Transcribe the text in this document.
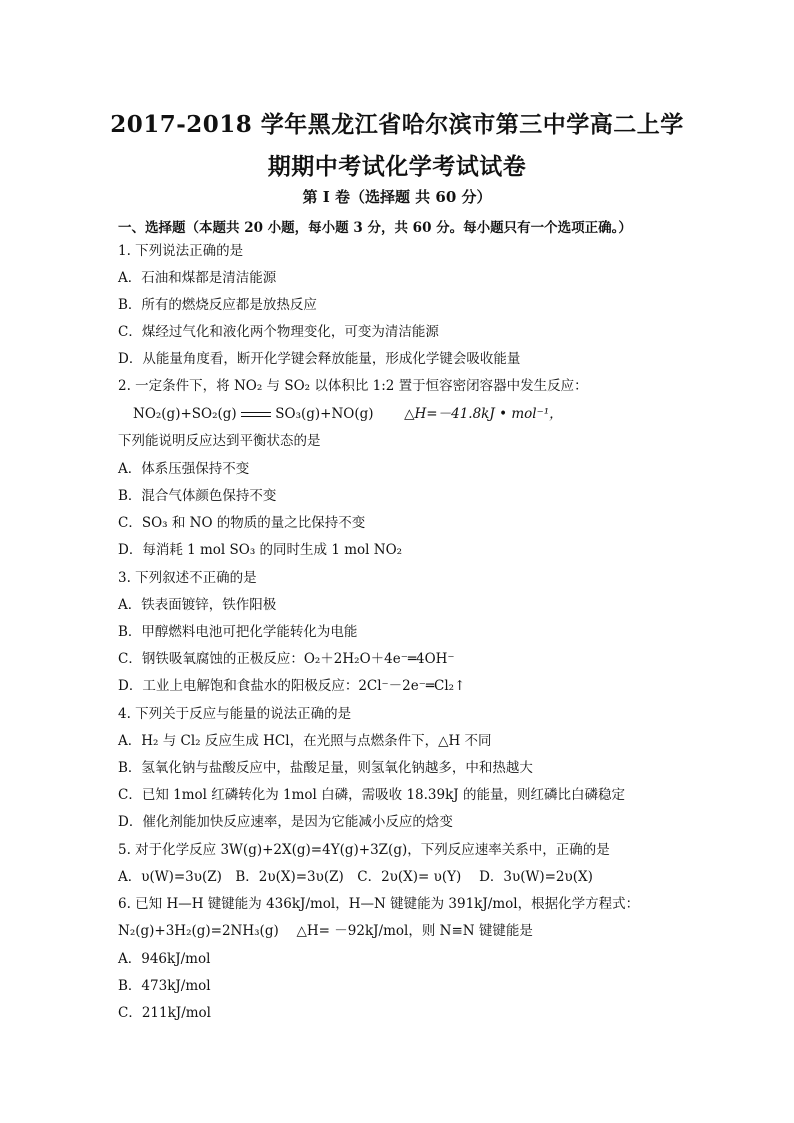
2017-2018 学年黑龙江省哈尔滨市第三中学高二上学
期期中考试化学考试试卷
第 I 卷（选择题 共 60 分）
一、选择题（本题共 20 小题，每小题 3 分，共 60 分。每小题只有一个选项正确。）
1. 下列说法正确的是
A．石油和煤都是清洁能源
B．所有的燃烧反应都是放热反应
C．煤经过气化和液化两个物理变化，可变为清洁能源
D．从能量角度看，断开化学键会释放能量，形成化学键会吸收能量
2. 一定条件下，将 NO₂ 与 SO₂ 以体积比 1:2 置于恒容密闭容器中发生反应：
NO₂(g)+SO₂(g)	SO₃(g)+NO(g) △H=－41.8kJ • mol⁻¹，
下列能说明反应达到平衡状态的是
A．体系压强保持不变
B．混合气体颜色保持不变
C．SO₃ 和 NO 的物质的量之比保持不变
D．每消耗 1 mol SO₃ 的同时生成 1 mol NO₂
3. 下列叙述不正确的是
A．铁表面镀锌，铁作阳极
B．甲醇燃料电池可把化学能转化为电能
C．钢铁吸氧腐蚀的正极反应：O₂＋2H₂O＋4e⁻═4OH⁻
D．工业上电解饱和食盐水的阳极反应：2Cl⁻－2e⁻═Cl₂↑
4. 下列关于反应与能量的说法正确的是
A．H₂ 与 Cl₂ 反应生成 HCl，在光照与点燃条件下，△H 不同
B．氢氧化钠与盐酸反应中，盐酸足量，则氢氧化钠越多，中和热越大
C．已知 1mol 红磷转化为 1mol 白磷，需吸收 18.39kJ 的能量，则红磷比白磷稳定
D．催化剂能加快反应速率，是因为它能减小反应的焓变
5. 对于化学反应 3W(g)+2X(g)=4Y(g)+3Z(g)，下列反应速率关系中，正确的是
A．υ(W)=3υ(Z)　B．2υ(X)=3υ(Z)　C．2υ(X)= υ(Y)　 D．3υ(W)=2υ(X)
6. 已知 H—H 键键能为 436kJ/mol，H—N 键键能为 391kJ/mol，根据化学方程式：
N₂(g)+3H₂(g)=2NH₃(g)　 △H= －92kJ/mol，则 N≡N 键键能是
A．946kJ/mol
B．473kJ/mol
C．211kJ/mol
